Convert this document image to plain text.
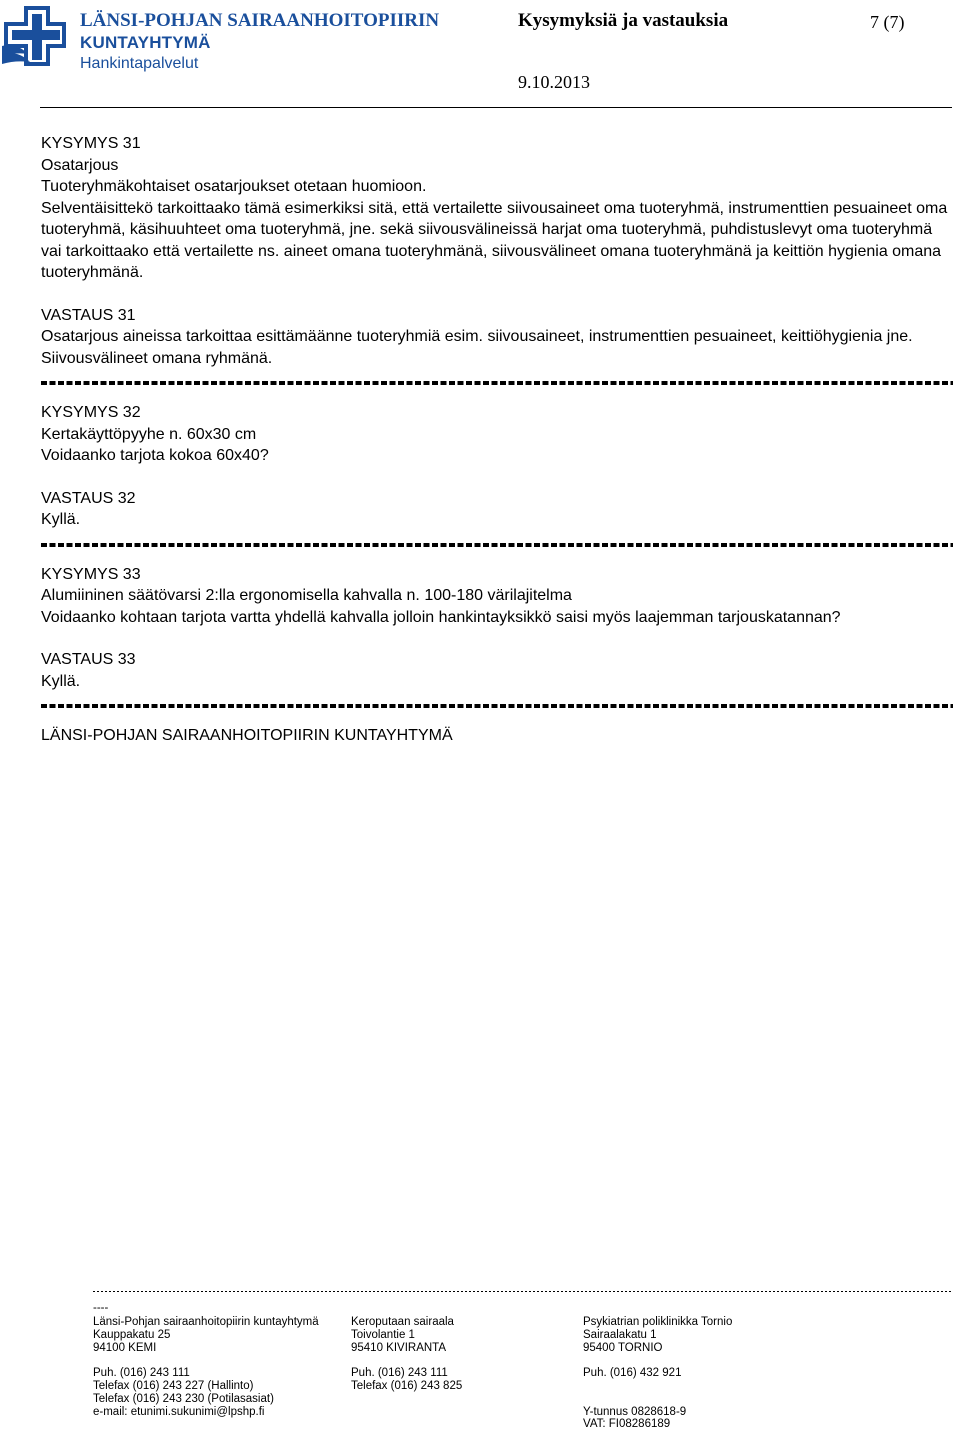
LÄNSI-POHJAN SAIRAANHOITOPIIRIN
KUNTAYHTYMÄ
Hankintapalvelut
Kysymyksiä ja vastauksia	7 (7)
9.10.2013

KYSYMYS 31

Osatarjous

Tuoteryhmäkohtaiset osatarjoukset otetaan huomioon.

Selventäisittekö tarkoittaako tämä esimerkiksi sitä, että vertailette siivousaineet oma tuoteryhmä, instrumenttien pesuaineet oma tuoteryhmä, käsihuuhteet oma tuoteryhmä, jne. sekä siivousvälineissä harjat oma tuoteryhmä, puhdistuslevyt oma tuoteryhmä vai tarkoittaako että vertailette ns. aineet omana tuoteryhmänä, siivousvälineet omana tuoteryhmänä ja keittiön hygienia omana tuoteryhmänä.

VASTAUS 31

Osatarjous aineissa tarkoittaa esittämäänne tuoteryhmiä esim. siivousaineet, instrumenttien pesuaineet, keittiöhygienia jne. Siivousvälineet omana ryhmänä.

KYSYMYS 32

Kertakäyttöpyyhe n. 60x30 cm

Voidaanko tarjota kokoa 60x40?

VASTAUS 32

Kyllä.

KYSYMYS 33

Alumiininen säätövarsi 2:lla ergonomisella kahvalla n. 100-180 värilajitelma

Voidaanko kohtaan tarjota vartta yhdellä kahvalla jolloin hankintayksikkö saisi myös laajemman tarjouskatannan?

VASTAUS 33

Kyllä.

LÄNSI-POHJAN SAIRAANHOITOPIIRIN KUNTAYHTYMÄ

----
Länsi-Pohjan sairaanhoitopiirin kuntayhtymä
Kauppakatu 25
94100 KEMI
Puh. (016) 243 111
Telefax (016) 243 227 (Hallinto)
Telefax (016) 243 230 (Potilasasiat)
e-mail: etunimi.sukunimi@lpshp.fi
Keroputaan sairaala
Toivolantie 1
95410 KIVIRANTA
Puh. (016) 243 111
Telefax (016) 243 825
Psykiatrian poliklinikka Tornio
Sairaalakatu 1
95400 TORNIO
Puh. (016) 432 921
Y-tunnus 0828618-9
VAT: FI08286189
